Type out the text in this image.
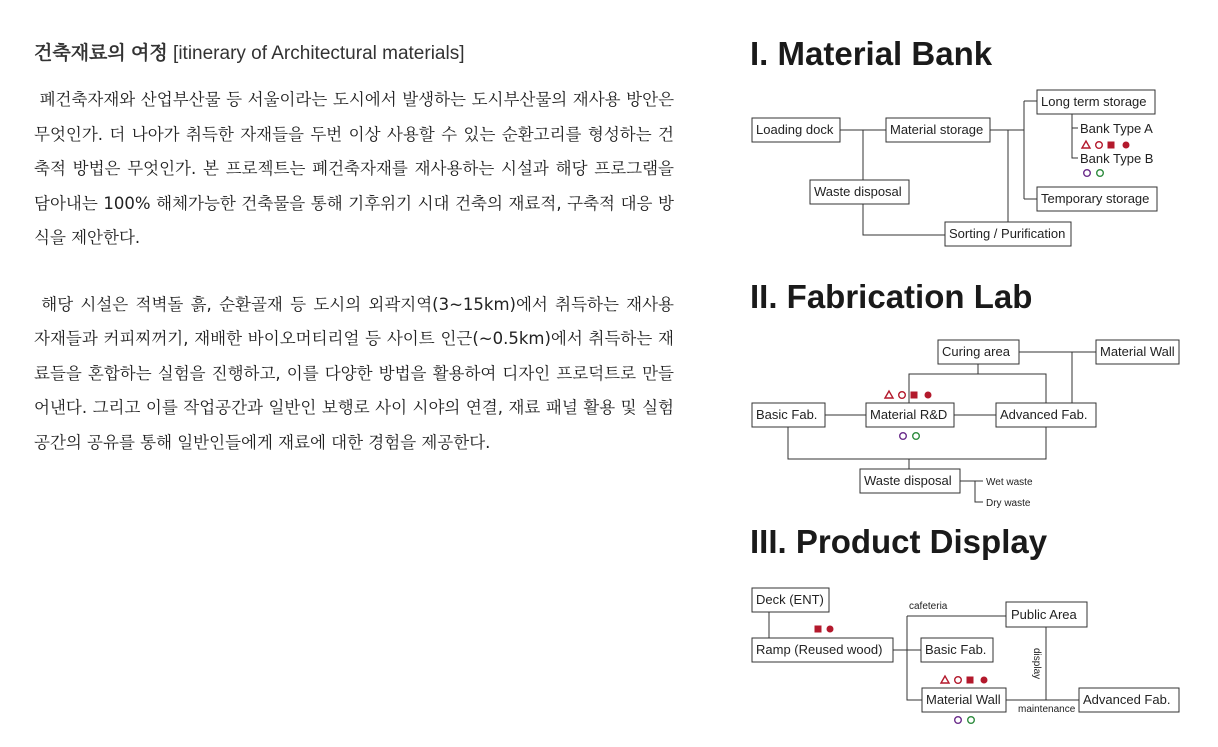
건축재료의 여정 [itinerary of Architectural materials]

폐건축자재와 산업부산물 등 서울이라는 도시에서 발생하는 도시부산물의 재사용 방안은 무엇인가. 더 나아가 취득한 자재들을 두번 이상 사용할 수 있는 순환고리를 형성하는 건축적 방법은 무엇인가. 본 프로젝트는 폐건축자재를 재사용하는 시설과 해당 프로그램을 담아내는 100% 해체가능한 건축물을 통해 기후위기 시대 건축의 재료적, 구축적 대응 방식을 제안한다.

해당 시설은 적벽돌 흙, 순환골재 등 도시의 외곽지역(3~15km)에서 취득하는 재사용 자재들과 커피찌꺼기, 재배한 바이오머티리얼 등 사이트 인근(~0.5km)에서 취득하는 재료들을 혼합하는 실험을 진행하고, 이를 다양한 방법을 활용하여 디자인 프로덕트로 만들어낸다. 그리고 이를 작업공간과 일반인 보행로 사이 시야의 연결, 재료 패널 활용 및 실험 공간의 공유를 통해 일반인들에게 재료에 대한 경험을 제공한다.

I. Material Bank
II. Fabrication Lab
III. Product Display
Loading dock	Material storage
Long term storage
Bank Type A
Bank Type B
Temporary storage
Waste disposal
Sorting / Purification
Curing area	Material Wall
Basic Fab.	Material R&D	Advanced Fab.
Waste disposal	Wet waste
Dry waste
Deck (ENT)
Ramp (Reused wood)
cafeteria
Public Area
Basic Fab.	display
Material Wall
maintenance
Advanced Fab.
